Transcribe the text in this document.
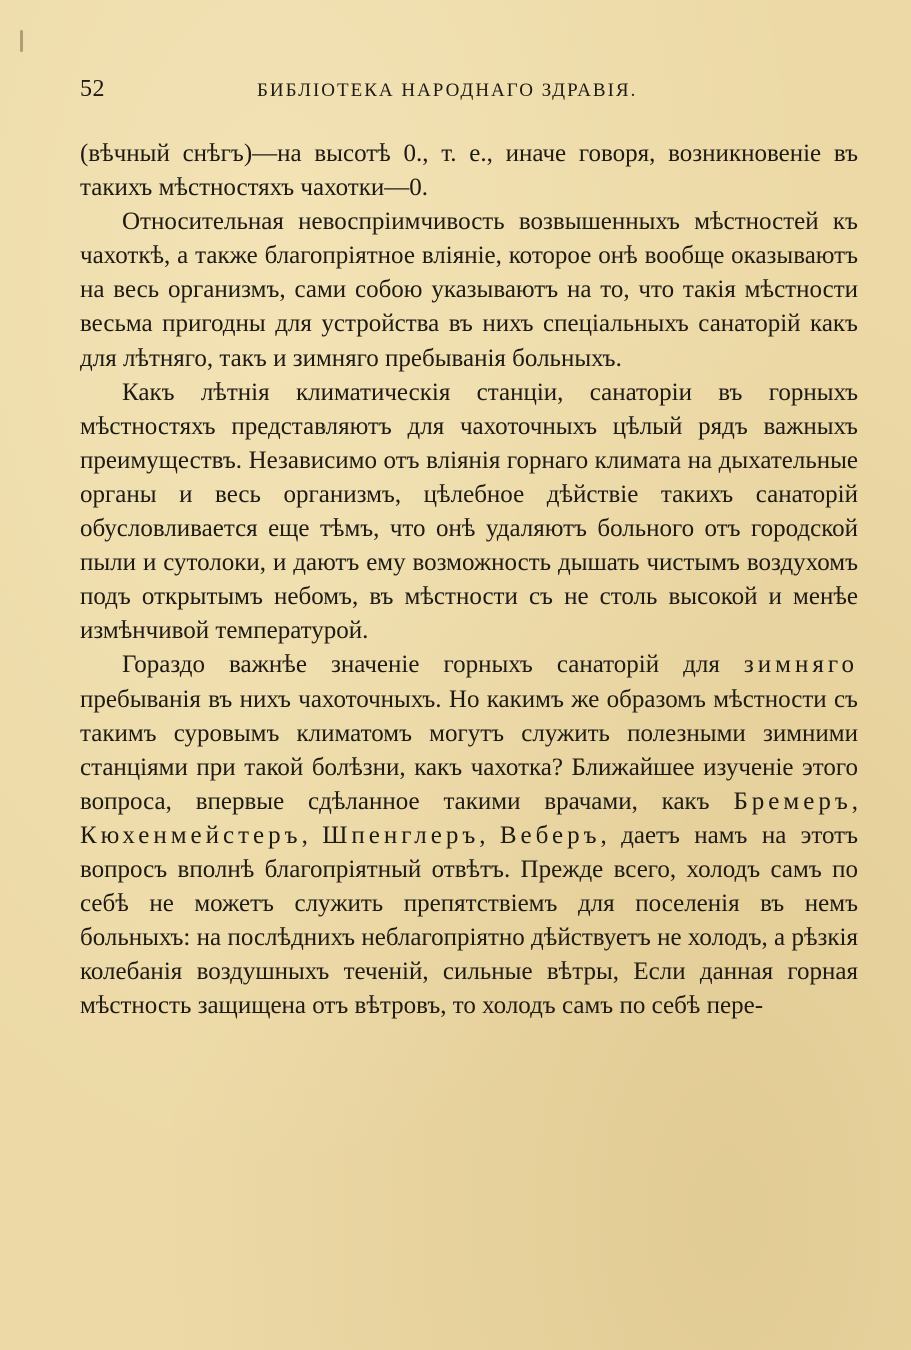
52	БИБЛІОТЕКА НАРОДНАГО ЗДРАВІЯ.

(вѣчный снѣгъ)—на высотѣ 0., т. е., иначе говоря, возникновеніе въ такихъ мѣстностяхъ чахотки—0.

Относительная невоспріимчивость возвышенныхъ мѣстностей къ чахоткѣ, а также благопріятное вліяніе, которое онѣ вообще оказываютъ на весь организмъ, сами собою указываютъ на то, что такія мѣстности весьма пригодны для устройства въ нихъ спеціальныхъ санаторій какъ для лѣтняго, такъ и зимняго пребыванія больныхъ.

Какъ лѣтнія климатическія станціи, санаторіи въ горныхъ мѣстностяхъ представляютъ для чахоточныхъ цѣлый рядъ важныхъ преимуществъ. Независимо отъ вліянія горнаго климата на дыхательные органы и весь организмъ, цѣлебное дѣйствіе такихъ санаторій обусловливается еще тѣмъ, что онѣ удаляютъ больного отъ городской пыли и сутолоки, и даютъ ему возможность дышать чистымъ воздухомъ подъ открытымъ небомъ, въ мѣстности съ не столь высокой и менѣе измѣнчивой температурой.

Гораздо важнѣе значеніе горныхъ санаторій для зимняго пребыванія въ нихъ чахоточныхъ. Но какимъ же образомъ мѣстности съ такимъ суровымъ климатомъ могутъ служить полезными зимними станціями при такой болѣзни, какъ чахотка? Ближайшее изученіе этого вопроса, впервые сдѣланное такими врачами, какъ Бремеръ, Кюхенмейстеръ, Шпенглеръ, Веберъ, даетъ намъ на этотъ вопросъ вполнѣ благопріятный отвѣтъ. Прежде всего, холодъ самъ по себѣ не можетъ служить препятствіемъ для поселенія въ немъ больныхъ: на послѣднихъ неблагопріятно дѣйствуетъ не холодъ, а рѣзкія колебанія воздушныхъ теченій, сильные вѣтры, Если данная горная мѣстность защищена отъ вѣтровъ, то холодъ самъ по себѣ пере-
